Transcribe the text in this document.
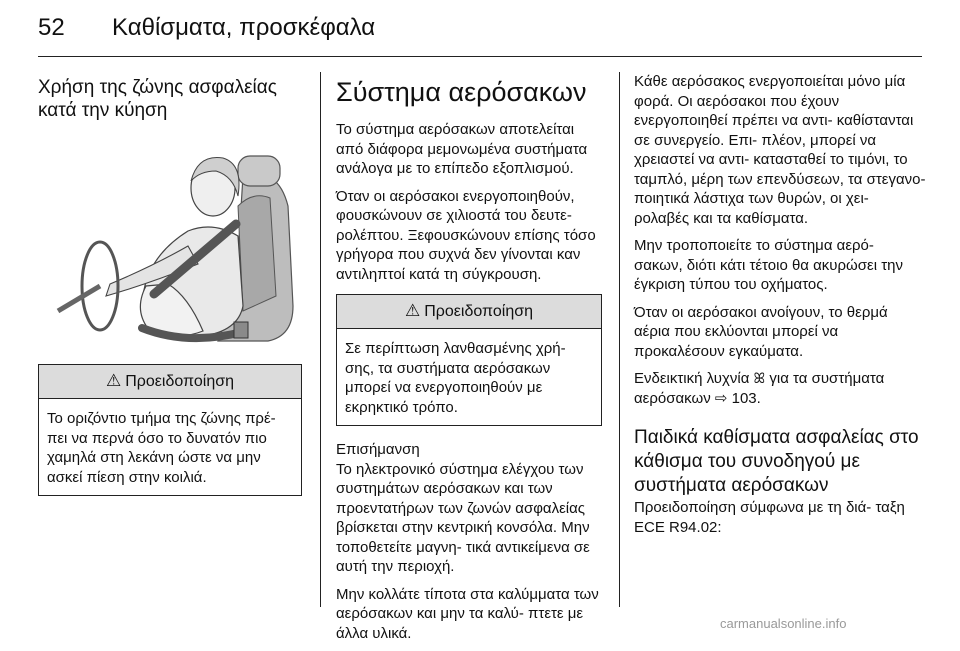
52 Καθίσματα, προσκέφαλα
Χρήση της ζώνης ασφαλείας κατά την κύηση
⚠ Προειδοποίηση

Το οριζόντιο τμήμα της ζώνης πρέ- πει να περνά όσο το δυνατόν πιο χαμηλά στη λεκάνη ώστε να μην ασκεί πίεση στην κοιλιά.

Σύστημα αερόσακων

Το σύστημα αερόσακων αποτελείται από διάφορα μεμονωμένα συστήματα ανάλογα με το επίπεδο εξοπλισμού.

Όταν οι αερόσακοι ενεργοποιηθούν, φουσκώνουν σε χιλιοστά του δευτε- ρολέπτου. Ξεφουσκώνουν επίσης τόσο γρήγορα που συχνά δεν γίνονται καν αντιληπτοί κατά τη σύγκρουση.

⚠ Προειδοποίηση

Σε περίπτωση λανθασμένης χρή- σης, τα συστήματα αερόσακων μπορεί να ενεργοποιηθούν με εκρηκτικό τρόπο.

Επισήμανση

Το ηλεκτρονικό σύστημα ελέγχου των συστημάτων αερόσακων και των προεντατήρων των ζωνών ασφαλείας βρίσκεται στην κεντρική κονσόλα. Μην τοποθετείτε μαγνη- τικά αντικείμενα σε αυτή την περιοχή.

Μην κολλάτε τίποτα στα καλύμματα των αερόσακων και μην τα καλύ- πτετε με άλλα υλικά.

Κάθε αερόσακος ενεργοποιείται μόνο μία φορά. Οι αερόσακοι που έχουν ενεργοποιηθεί πρέπει να αντι- καθίστανται σε συνεργείο. Επι- πλέον, μπορεί να χρειαστεί να αντι- κατασταθεί το τιμόνι, το ταμπλό, μέρη των επενδύσεων, τα στεγανο- ποιητικά λάστιχα των θυρών, οι χει- ρολαβές και τα καθίσματα.

Μην τροποποιείτε το σύστημα αερό- σακων, διότι κάτι τέτοιο θα ακυρώσει την έγκριση τύπου του οχήματος.

Όταν οι αερόσακοι ανοίγουν, το θερμά αέρια που εκλύονται μπορεί να προκαλέσουν εγκαύματα.

Ενδεικτική λυχνία ꕤ για τα συστήματα αερόσακων ⇨ 103.

Παιδικά καθίσματα ασφαλείας στο κάθισμα του συνοδηγού με συστήματα αερόσακων

Προειδοποίηση σύμφωνα με τη διά- ταξη ECE R94.02:

carmanualsonline.info
